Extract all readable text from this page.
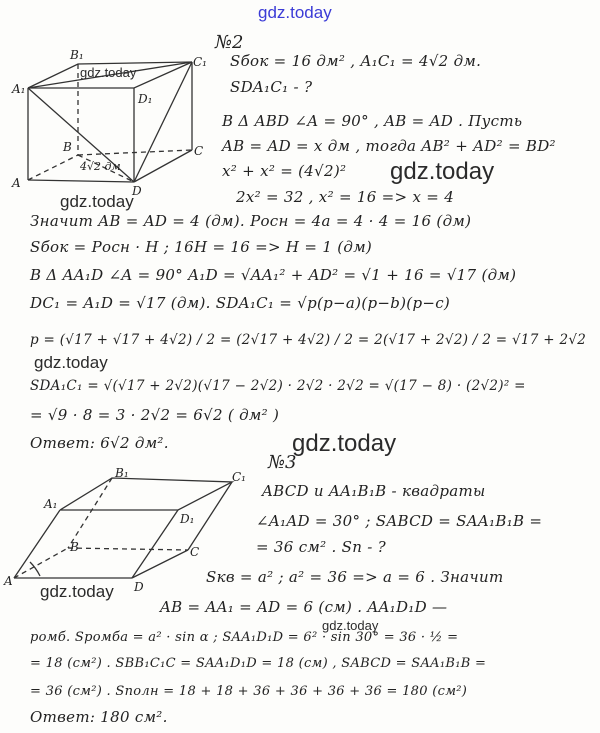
gdz.today
B₁	C₁
A₁
D₁
B	C
A
D
4√2 дм
gdz.today
gdz.today
№2
Sбок = 16 дм² , A₁C₁ = 4√2 дм.
SDA₁C₁ - ?
В Δ ABD ∠A = 90° , AB = AD . Пусть
AB = AD = x дм , тогда AB² + AD² = BD²
x² + x² = (4√2)²
2x² = 32 , x² = 16 => x = 4
gdz.today
Значит AB = AD = 4 (дм). Pосн = 4a = 4 · 4 = 16 (дм)
Sбок = Pосн · H ; 16H = 16 => H = 1 (дм)
В Δ AA₁D ∠A = 90° A₁D = √AA₁² + AD² = √1 + 16 = √17 (дм)
DC₁ = A₁D = √17 (дм). SDA₁C₁ = √p(p−a)(p−b)(p−c)
p = (√17 + √17 + 4√2) / 2 = (2√17 + 4√2) / 2 = 2(√17 + 2√2) / 2 = √17 + 2√2
gdz.today
SDA₁C₁ = √(√17 + 2√2)(√17 − 2√2) · 2√2 · 2√2 = √(17 − 8) · (2√2)² =
= √9 · 8 = 3 · 2√2 = 6√2 ( дм² )
Ответ: 6√2 дм².	gdz.today
B₁	C₁
A₁
D₁
B	C
A	D
gdz.today
№3
ABCD и AA₁B₁B - квадраты
∠A₁AD = 30° ; SABCD = SAA₁B₁B =
= 36 см² . Sп - ?
Sкв = a² ; a² = 36 => a = 6 . Значит
AB = AA₁ = AD = 6 (см) . AA₁D₁D —
gdz.today
ромб. Sромба = a² · sin α ; SAA₁D₁D = 6² · sin 30° = 36 · ½ =
= 18 (см²) . SBB₁C₁C = SAA₁D₁D = 18 (см) , SABCD = SAA₁B₁B =
= 36 (см²) . Sполн = 18 + 18 + 36 + 36 + 36 + 36 = 180 (см²)
Ответ: 180 см².
